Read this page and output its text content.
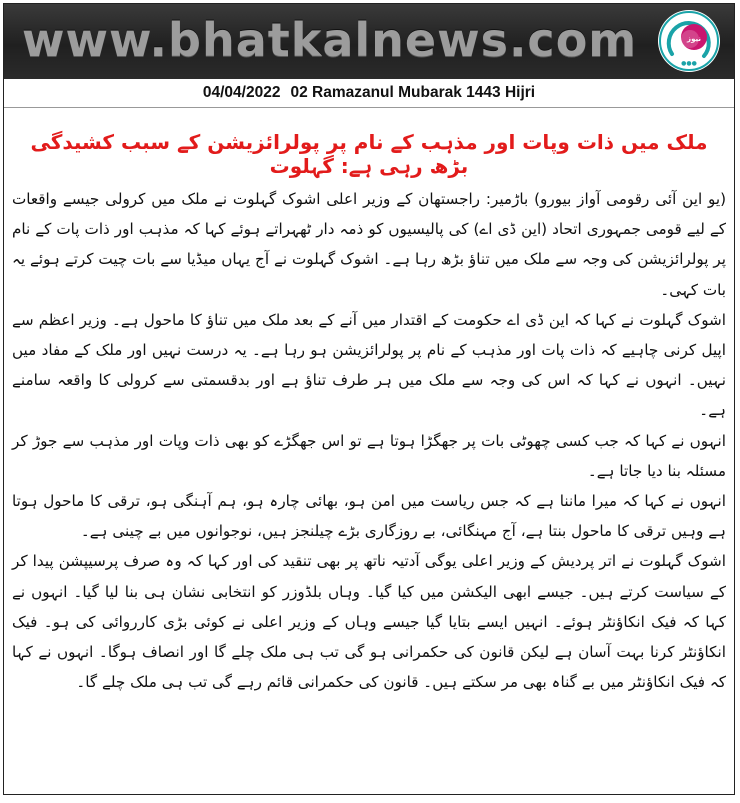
www.bhatkalnews.com	نیوز
●●●
04/04/2022 02 Ramazanul Mubarak 1443 Hijri
ملک میں ذات وپات اور مذہب کے نام پر پولرائزیشن کے سبب کشیدگی بڑھ رہی ہے: گہلوت

(یو این آئی رقومی آواز بیورو) باڑمیر: راجستھان کے وزیر اعلی اشوک گہلوت نے ملک میں کرولی جیسے واقعات کے لیے قومی جمہوری اتحاد (این ڈی اے) کی پالیسیوں کو ذمہ دار ٹھہراتے ہوئے کہا کہ مذہب اور ذات پات کے نام پر پولرائزیشن کی وجہ سے ملک میں تناؤ بڑھ رہا ہے۔ اشوک گہلوت نے آج یہاں میڈیا سے بات چیت کرتے ہوئے یہ بات کہی۔

اشوک گہلوت نے کہا کہ این ڈی اے حکومت کے اقتدار میں آنے کے بعد ملک میں تناؤ کا ماحول ہے۔ وزیر اعظم سے اپیل کرنی چاہیے کہ ذات پات اور مذہب کے نام پر پولرائزیشن ہو رہا ہے۔ یہ درست نہیں اور ملک کے مفاد میں نہیں۔ انہوں نے کہا کہ اس کی وجہ سے ملک میں ہر طرف تناؤ ہے اور بدقسمتی سے کرولی کا واقعہ سامنے ہے۔

انہوں نے کہا کہ جب کسی چھوٹی بات پر جھگڑا ہوتا ہے تو اس جھگڑے کو بھی ذات وپات اور مذہب سے جوڑ کر مسئلہ بنا دیا جاتا ہے۔

انہوں نے کہا کہ میرا ماننا ہے کہ جس ریاست میں امن ہو، بھائی چارہ ہو، ہم آہنگی ہو، ترقی کا ماحول ہوتا ہے وہیں ترقی کا ماحول بنتا ہے، آج مہنگائی، بے روزگاری بڑے چیلنجز ہیں، نوجوانوں میں بے چینی ہے۔

اشوک گہلوت نے اتر پردیش کے وزیر اعلی یوگی آدتیہ ناتھ پر بھی تنقید کی اور کہا کہ وہ صرف پرسیپشن پیدا کر کے سیاست کرتے ہیں۔ جیسے ابھی الیکشن میں کیا گیا۔ وہاں بلڈوزر کو انتخابی نشان ہی بنا لیا گیا۔ انہوں نے کہا کہ فیک انکاؤنٹر ہوئے۔ انہیں ایسے بتایا گیا جیسے وہاں کے وزیر اعلی نے کوئی بڑی کارروائی کی ہو۔ فیک انکاؤنٹر کرنا بہت آسان ہے لیکن قانون کی حکمرانی ہو گی تب ہی ملک چلے گا اور انصاف ہوگا۔ انہوں نے کہا کہ فیک انکاؤنٹر میں بے گناہ بھی مر سکتے ہیں۔ قانون کی حکمرانی قائم رہے گی تب ہی ملک چلے گا۔
